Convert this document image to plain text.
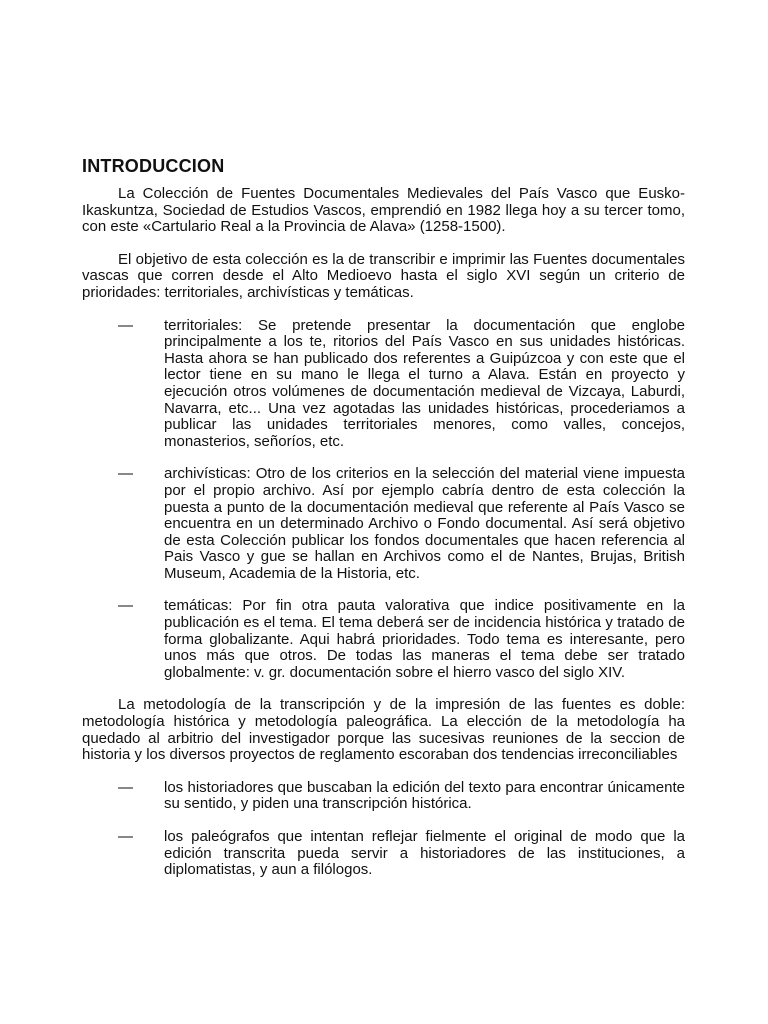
INTRODUCCION

La Colección de Fuentes Documentales Medievales del País Vasco que Eusko-Ikaskuntza, Sociedad de Estudios Vascos, emprendió en 1982 llega hoy a su tercer tomo, con este «Cartulario Real a la Provincia de Alava» (1258-1500).

El objetivo de esta colección es la de transcribir e imprimir las Fuentes documentales vascas que corren desde el Alto Medioevo hasta el siglo XVI según un criterio de prioridades: territoriales, archivísticas y temáticas.

—	territoriales: Se pretende presentar la documentación que englobe principalmente a los te, ritorios del País Vasco en sus unidades históricas. Hasta ahora se han publicado dos referentes a Guipúzcoa y con este que el lector tiene en su mano le llega el turno a Alava. Están en proyecto y ejecución otros volúmenes de documentación medieval de Vizcaya, Laburdi, Navarra, etc... Una vez agotadas las unidades históricas, procederiamos a publicar las unidades territoriales menores, como valles, concejos, monasterios, señoríos, etc.
—	archivísticas: Otro de los criterios en la selección del material viene impuesta por el propio archivo. Así por ejemplo cabría dentro de esta colección la puesta a punto de la documentación medieval que referente al País Vasco se encuentra en un determinado Archivo o Fondo documental. Así será objetivo de esta Colección publicar los fondos documentales que hacen referencia al Pais Vasco y gue se hallan en Archivos como el de Nantes, Brujas, British Museum, Academia de la Historia, etc.
—	temáticas: Por fin otra pauta valorativa que indice positivamente en la publicación es el tema. El tema deberá ser de incidencia histórica y tratado de forma globalizante. Aqui habrá prioridades. Todo tema es interesante, pero unos más que otros. De todas las maneras el tema debe ser tratado globalmente: v. gr. documentación sobre el hierro vasco del siglo XIV.

La metodología de la transcripción y de la impresión de las fuentes es doble: metodología histórica y metodología paleográfica. La elección de la metodología ha quedado al arbitrio del investigador porque las sucesivas reuniones de la seccion de historia y los diversos proyectos de reglamento escoraban dos tendencias irreconciliables

—	los historiadores que buscaban la edición del texto para encontrar únicamente su sentido, y piden una transcripción histórica.
—	los paleógrafos que intentan reflejar fielmente el original de modo que la edición transcrita pueda servir a historiadores de las instituciones, a diplomatistas, y aun a filólogos.
